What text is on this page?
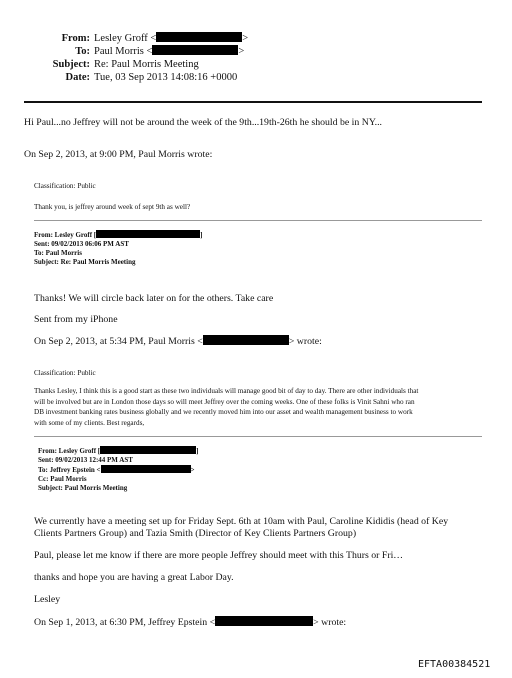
From: Lesley Groff <	>
To: Paul Morris <	>
Subject: Re: Paul Morris Meeting
Date: Tue, 03 Sep 2013 14:08:16 +0000
Hi Paul...no Jeffrey will not be around the week of the 9th...19th-26th he should be in NY...
On Sep 2, 2013, at 9:00 PM, Paul Morris wrote:
Classification: Public
Thank you, is jeffrey around week of sept 9th as well?
From: Lesley Groff [	]
Sent: 09/02/2013 06:06 PM AST
To: Paul Morris
Subject: Re: Paul Morris Meeting
Thanks! We will circle back later on for the others. Take care
Sent from my iPhone
On Sep 2, 2013, at 5:34 PM, Paul Morris <	> wrote:
Classification: Public
Thanks Lesley, I think this is a good start as these two individuals will manage good bit of day to day. There are other individuals that
will be involved but are in London those days so will meet Jeffrey over the coming weeks. One of these folks is Vinit Sahni who ran
DB investment banking rates business globally and we recently moved him into our asset and wealth management business to work
with some of my clients. Best regards,
From: Lesley Groff [	]
Sent: 09/02/2013 12:44 PM AST
To: Jeffrey Epstein <	>
Cc: Paul Morris
Subject: Paul Morris Meeting
We currently have a meeting set up for Friday Sept. 6th at 10am with Paul, Caroline Kididis (head of Key
Clients Partners Group) and Tazia Smith (Director of Key Clients Partners Group)
Paul, please let me know if there are more people Jeffrey should meet with this Thurs or Fri…
thanks and hope you are having a great Labor Day.
Lesley
On Sep 1, 2013, at 6:30 PM, Jeffrey Epstein <	> wrote:
EFTA00384521
